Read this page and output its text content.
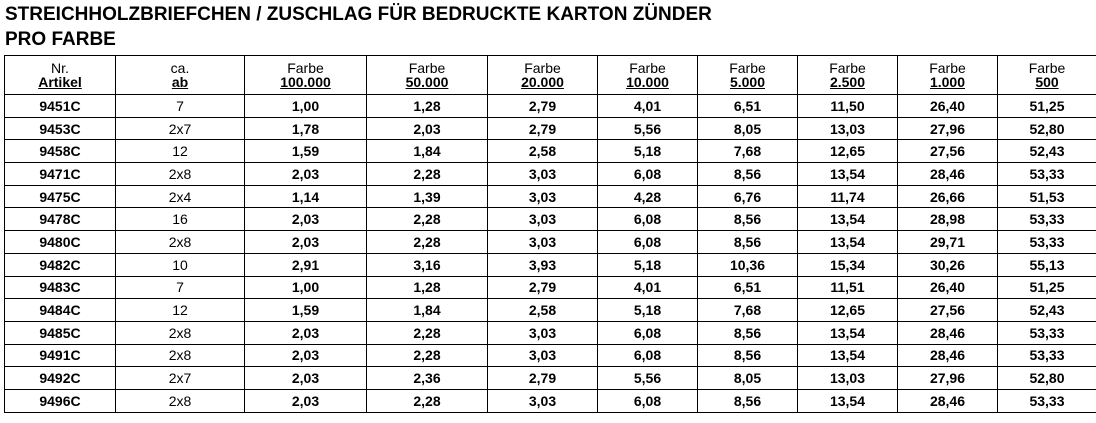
STREICHHOLZBRIEFCHEN / ZUSCHLAG FÜR BEDRUCKTE KARTON ZÜNDER
PRO FARBE
Nr.	ca.	Farbe	Farbe	Farbe	Farbe	Farbe	Farbe	Farbe	Farbe
Artikel	ab	100.000	50.000	20.000	10.000	5.000	2.500	1.000	500
9451C	7	1,00	1,28	2,79	4,01	6,51	11,50	26,40	51,25
9453C	2x7	1,78	2,03	2,79	5,56	8,05	13,03	27,96	52,80
9458C	12	1,59	1,84	2,58	5,18	7,68	12,65	27,56	52,43
9471C	2x8	2,03	2,28	3,03	6,08	8,56	13,54	28,46	53,33
9475C	2x4	1,14	1,39	3,03	4,28	6,76	11,74	26,66	51,53
9478C	16	2,03	2,28	3,03	6,08	8,56	13,54	28,98	53,33
9480C	2x8	2,03	2,28	3,03	6,08	8,56	13,54	29,71	53,33
9482C	10	2,91	3,16	3,93	5,18	10,36	15,34	30,26	55,13
9483C	7	1,00	1,28	2,79	4,01	6,51	11,51	26,40	51,25
9484C	12	1,59	1,84	2,58	5,18	7,68	12,65	27,56	52,43
9485C	2x8	2,03	2,28	3,03	6,08	8,56	13,54	28,46	53,33
9491C	2x8	2,03	2,28	3,03	6,08	8,56	13,54	28,46	53,33
9492C	2x7	2,03	2,36	2,79	5,56	8,05	13,03	27,96	52,80
9496C	2x8	2,03	2,28	3,03	6,08	8,56	13,54	28,46	53,33
